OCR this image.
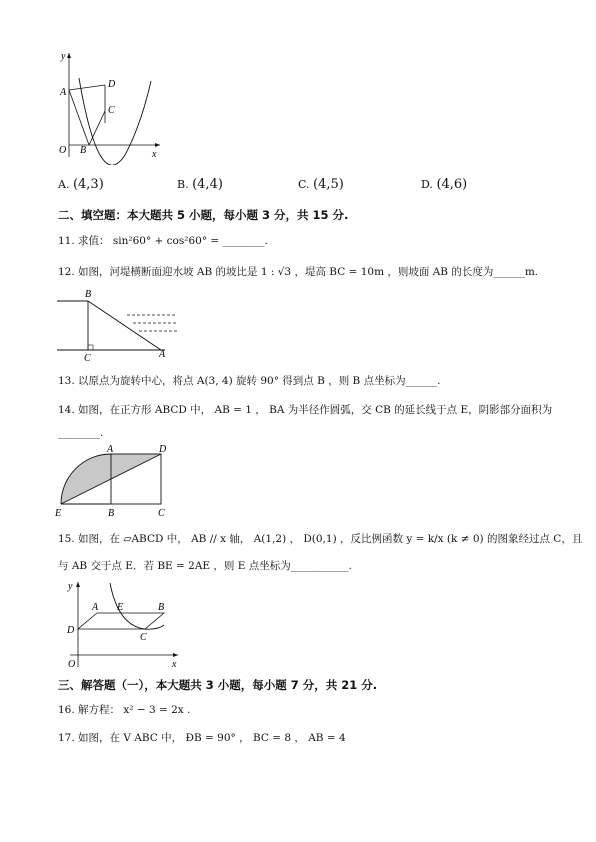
y
x
O
A
B
C
D
A. (4,3)	B. (4,4)	C. (4,5)	D. (4,6)
二、填空题：本大题共 5 小题，每小题 3 分，共 15 分.
11. 求值： sin²60° + cos²60° = ________.
12. 如图，河堤横断面迎水坡 AB 的坡比是 1 : √3 ，堤高 BC = 10m ，则坡面 AB 的长度为______m.
B
C	A
13. 以原点为旋转中心，将点 A(3, 4) 旋转 90° 得到点 B ，则 B 点坐标为______.
14. 如图，在正方形 ABCD 中， AB = 1 ， BA 为半径作圆弧，交 CB 的延长线于点 E，阴影部分面积为
________.
A	D
E	B	C
15. 如图，在 ▱ABCD 中， AB // x 轴， A(1,2) ， D(0,1) ，反比例函数 y = k/x (k ≠ 0) 的图象经过点 C，且
与 AB 交于点 E．若 BE = 2AE ，则 E 点坐标为___________.
y
x
O
A E	B
D
C
三、解答题（一），本大题共 3 小题，每小题 7 分，共 21 分.
16. 解方程： x² − 3 = 2x .
17. 如图，在 V ABC 中， ÐB = 90° ， BC = 8 ， AB = 4
